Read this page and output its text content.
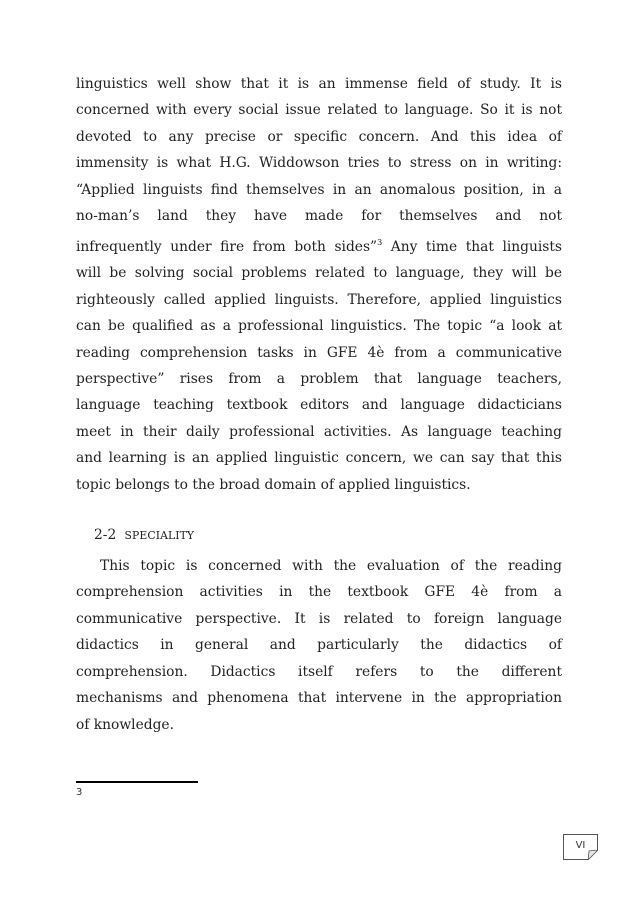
linguistics well show that it is an immense field of study. It is
concerned with every social issue related to language. So it is not
devoted to any precise or specific concern. And this idea of
immensity is what H.G. Widdowson tries to stress on in writing:
“Applied linguists find themselves in an anomalous position, in a
no-man’s land they have made for themselves and not
infrequently under fire from both sides”$^3$ Any time that linguists
will be solving social problems related to language, they will be
righteously called applied linguists. Therefore, applied linguistics
can be qualified as a professional linguistics. The topic “a look at
reading comprehension tasks in GFE 4è from a communicative
perspective” rises from a problem that language teachers,
language teaching textbook editors and language didacticians
meet in their daily professional activities. As language teaching
and learning is an applied linguistic concern, we can say that this
topic belongs to the broad domain of applied linguistics.

2-2 SPECIALITY

This topic is concerned with the evaluation of the reading
comprehension activities in the textbook GFE 4è from a
communicative perspective. It is related to foreign language
didactics in general and particularly the didactics of
comprehension. Didactics itself refers to the different
mechanisms and phenomena that intervene in the appropriation
of knowledge.

3
VI
